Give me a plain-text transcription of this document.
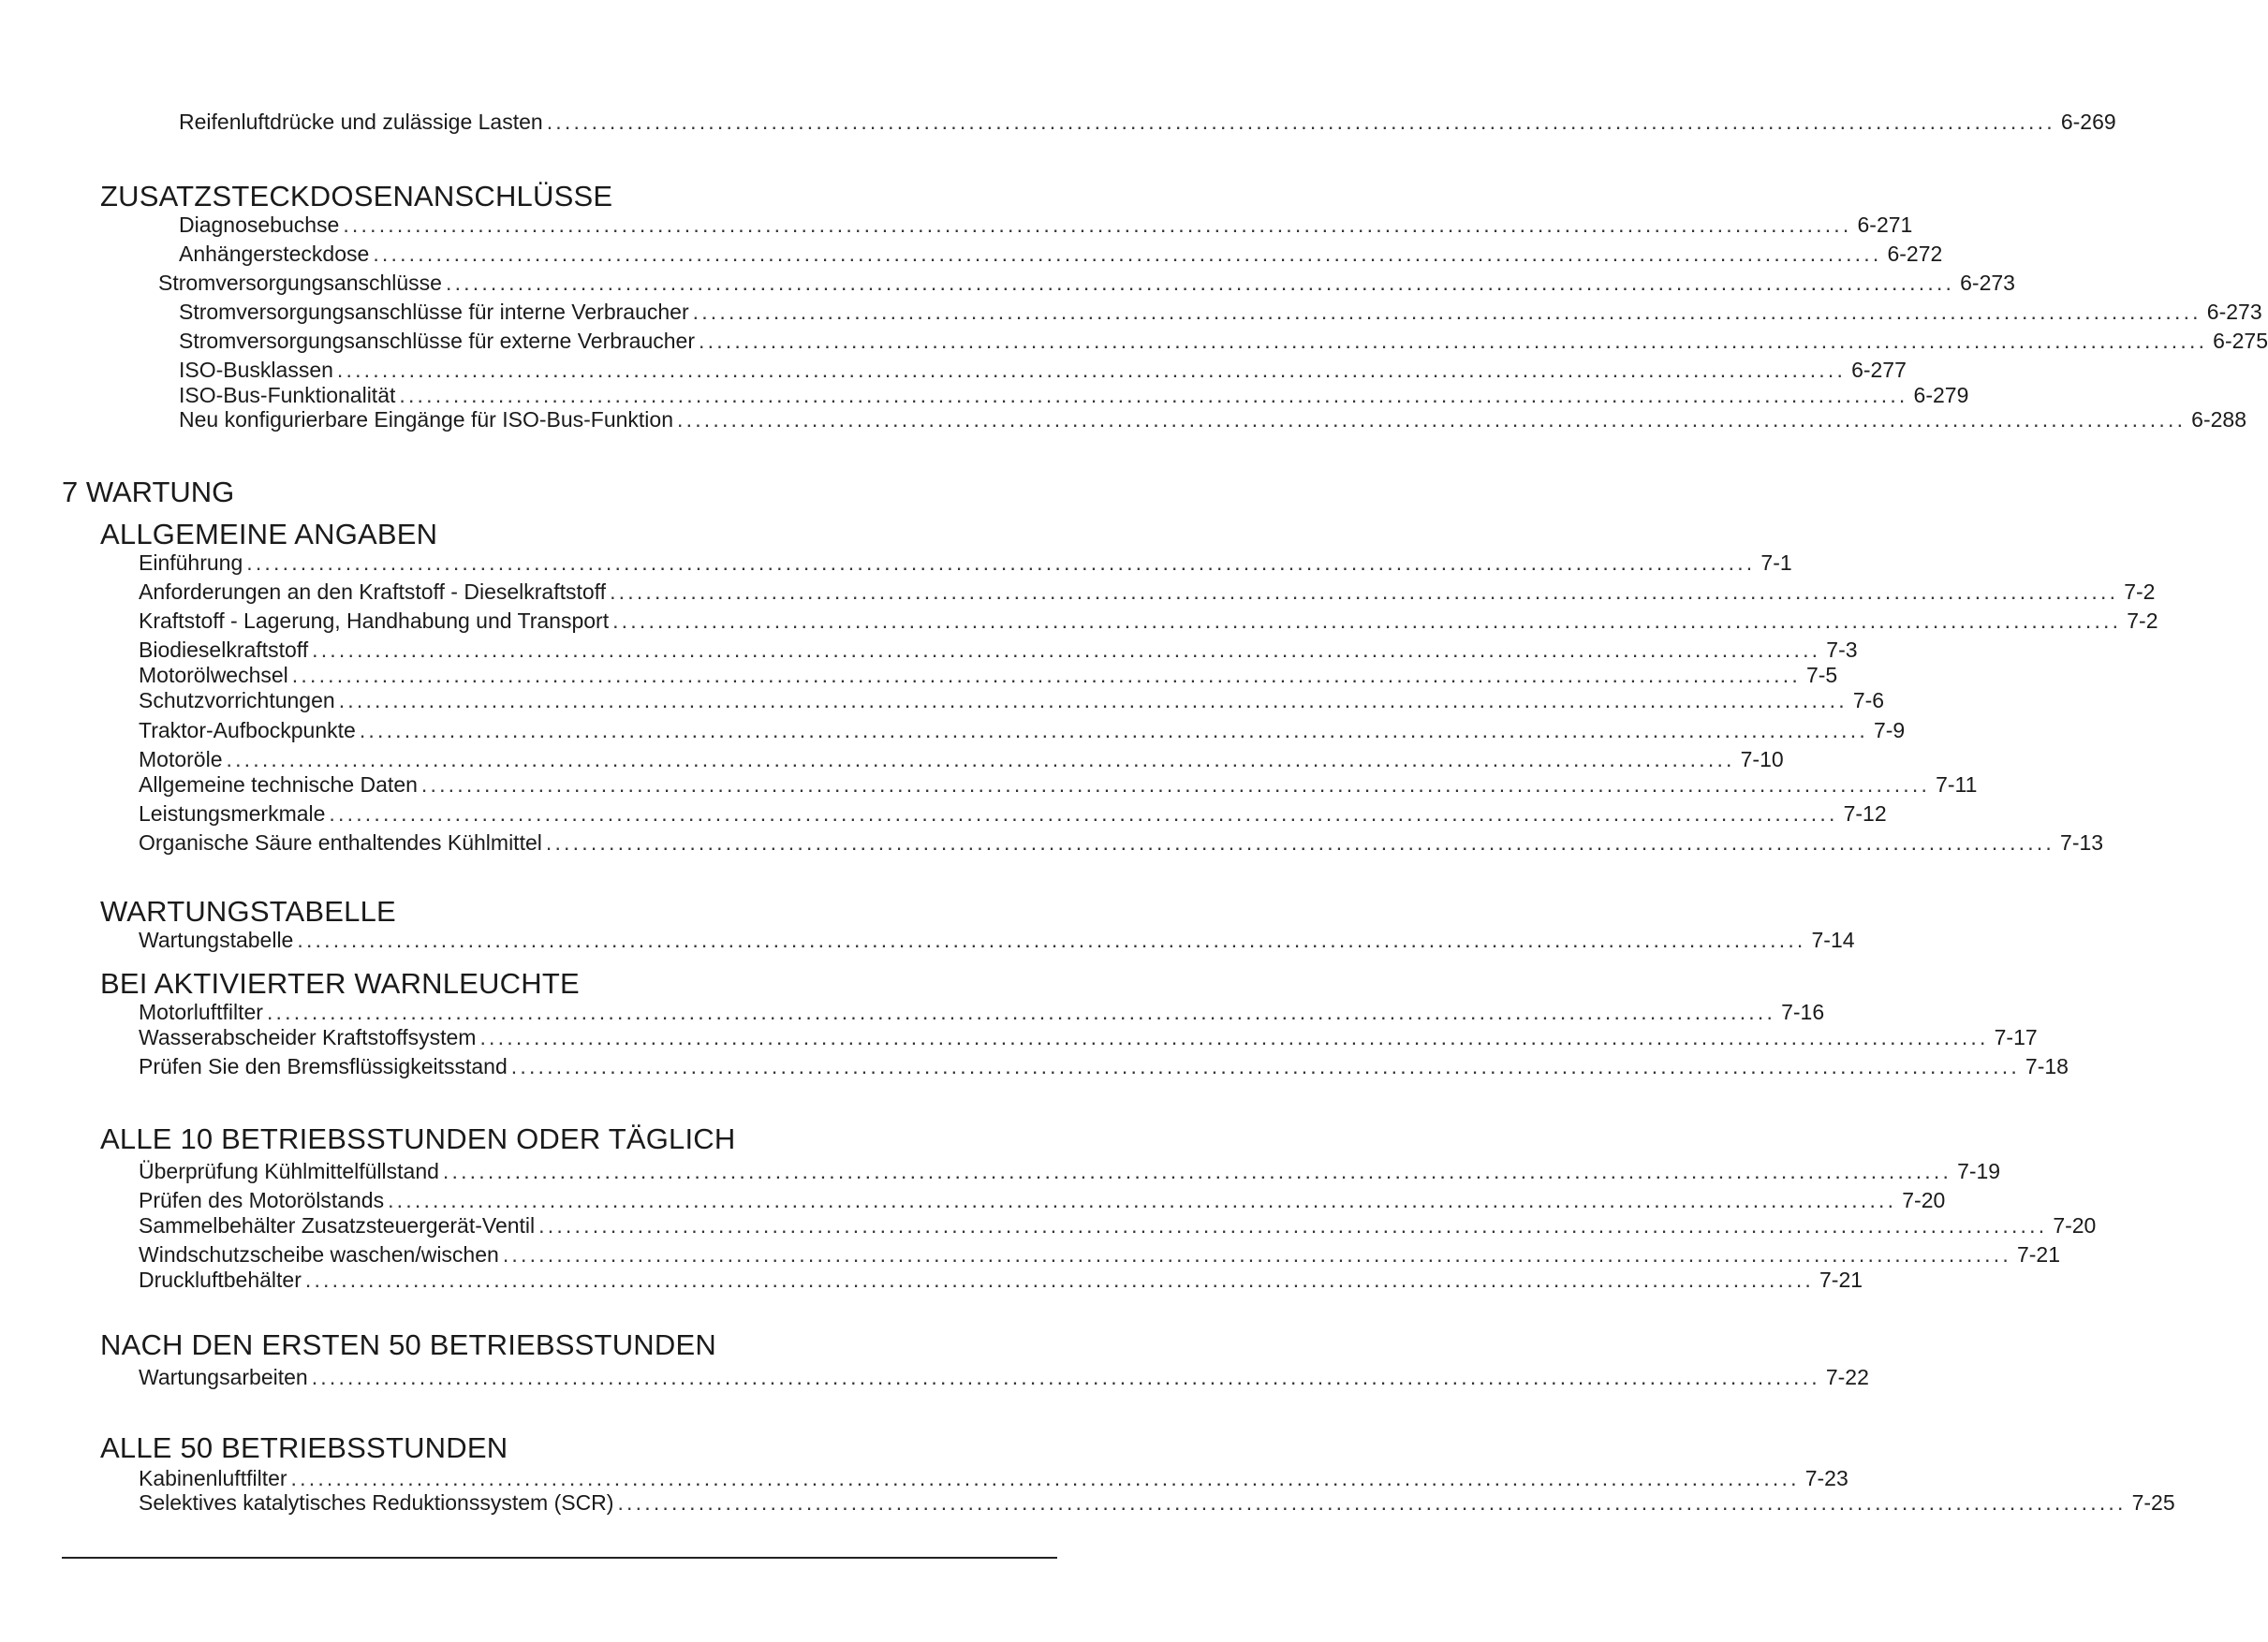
Reifenluftdrücke und zulässige Lasten ........................................................................................................................................................................ 6-269
ZUSATZSTECKDOSENANSCHLÜSSE
Diagnosebuchse ........................................................................................................................................................................ 6-271
Anhängersteckdose ........................................................................................................................................................................ 6-272
Stromversorgungsanschlüsse ........................................................................................................................................................................ 6-273
Stromversorgungsanschlüsse für interne Verbraucher ........................................................................................................................................................................ 6-273
Stromversorgungsanschlüsse für externe Verbraucher ........................................................................................................................................................................ 6-275
ISO-Busklassen ........................................................................................................................................................................ 6-277
ISO-Bus-Funktionalität ........................................................................................................................................................................ 6-279
Neu konfigurierbare Eingänge für ISO-Bus-Funktion ........................................................................................................................................................................ 6-288
7 WARTUNG
ALLGEMEINE ANGABEN
Einführung ........................................................................................................................................................................ 7-1
Anforderungen an den Kraftstoff - Dieselkraftstoff ........................................................................................................................................................................ 7-2
Kraftstoff - Lagerung, Handhabung und Transport ........................................................................................................................................................................ 7-2
Biodieselkraftstoff ........................................................................................................................................................................ 7-3
Motorölwechsel ........................................................................................................................................................................ 7-5
Schutzvorrichtungen ........................................................................................................................................................................ 7-6
Traktor-Aufbockpunkte ........................................................................................................................................................................ 7-9
Motoröle ........................................................................................................................................................................ 7-10
Allgemeine technische Daten ........................................................................................................................................................................ 7-11
Leistungsmerkmale ........................................................................................................................................................................ 7-12
Organische Säure enthaltendes Kühlmittel ........................................................................................................................................................................ 7-13
WARTUNGSTABELLE
Wartungstabelle ........................................................................................................................................................................ 7-14
BEI AKTIVIERTER WARNLEUCHTE
Motorluftfilter ........................................................................................................................................................................ 7-16
Wasserabscheider Kraftstoffsystem ........................................................................................................................................................................ 7-17
Prüfen Sie den Bremsflüssigkeitsstand ........................................................................................................................................................................ 7-18
ALLE 10 BETRIEBSSTUNDEN ODER TÄGLICH
Überprüfung Kühlmittelfüllstand ........................................................................................................................................................................ 7-19
Prüfen des Motorölstands ........................................................................................................................................................................ 7-20
Sammelbehälter Zusatzsteuergerät-Ventil ........................................................................................................................................................................ 7-20
Windschutzscheibe waschen/wischen ........................................................................................................................................................................ 7-21
Druckluftbehälter ........................................................................................................................................................................ 7-21
NACH DEN ERSTEN 50 BETRIEBSSTUNDEN
Wartungsarbeiten ........................................................................................................................................................................ 7-22
ALLE 50 BETRIEBSSTUNDEN
Kabinenluftfilter ........................................................................................................................................................................ 7-23
Selektives katalytisches Reduktionssystem (SCR) ........................................................................................................................................................................ 7-25
